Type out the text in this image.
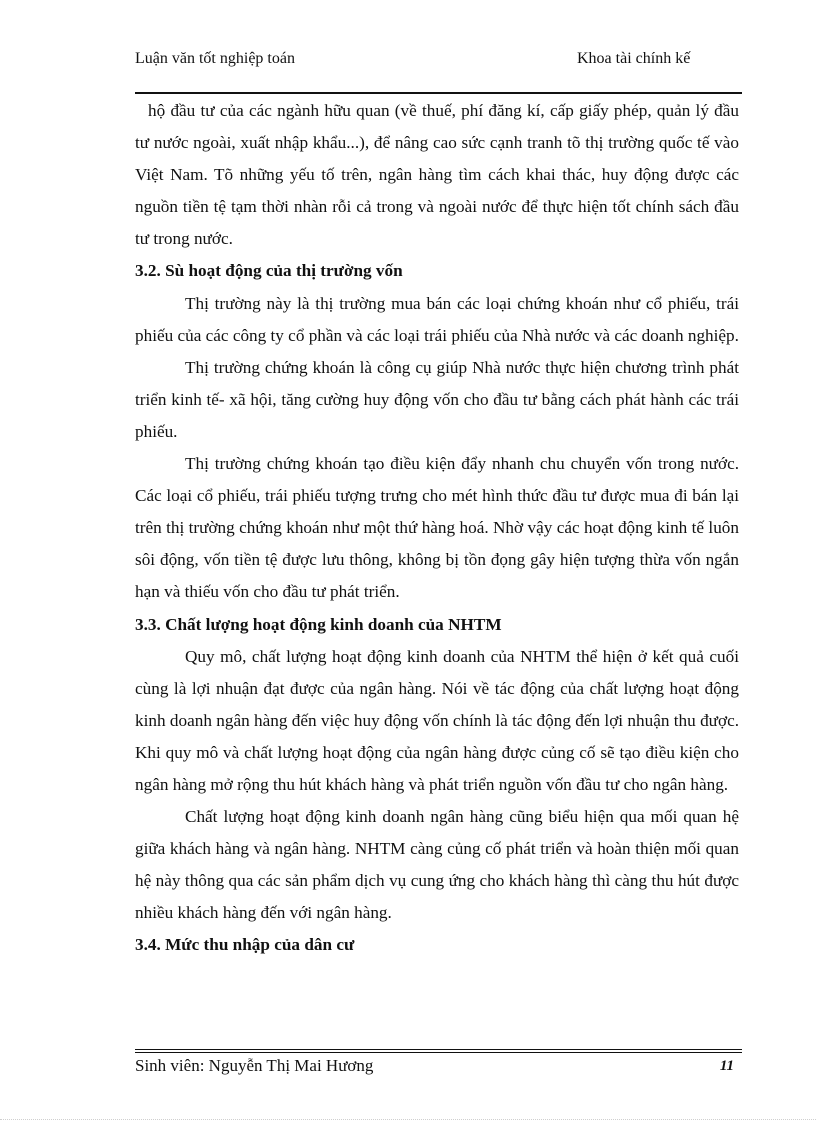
Luận văn tốt nghiệp toán	Khoa tài chính kế

hộ đầu tư của các ngành hữu quan (về thuế, phí đăng kí, cấp giấy phép, quản lý đầu tư nước ngoài, xuất nhập khẩu...), để nâng cao sức cạnh tranh tõ thị trường quốc tế vào Việt Nam. Tõ những yếu tố trên, ngân hàng tìm cách khai thác, huy động được các nguồn tiền tệ tạm thời nhàn rỗi cả trong và ngoài nước để thực hiện tốt chính sách đầu tư trong nước.

3.2. Sù hoạt động của thị trường vốn

Thị trường này là thị trường mua bán các loại chứng khoán như cổ phiếu, trái phiếu của các công ty cổ phần và các loại trái phiếu của Nhà nước và các doanh nghiệp.

Thị trường chứng khoán là công cụ giúp Nhà nước thực hiện chương trình phát triển kinh tế- xã hội, tăng cường huy động vốn cho đầu tư bằng cách phát hành các trái phiếu.

Thị trường chứng khoán tạo điều kiện đẩy nhanh chu chuyển vốn trong nước. Các loại cổ phiếu, trái phiếu tượng trưng cho mét hình thức đầu tư được mua đi bán lại trên thị trường chứng khoán như một thứ hàng hoá. Nhờ vậy các hoạt động kinh tế luôn sôi động, vốn tiền tệ được lưu thông, không bị tồn đọng gây hiện tượng thừa vốn ngắn hạn và thiếu vốn cho đầu tư phát triển.

3.3. Chất lượng hoạt động kinh doanh của NHTM

Quy mô, chất lượng hoạt động kinh doanh của NHTM thể hiện ở kết quả cuối cùng là lợi nhuận đạt được của ngân hàng. Nói về tác động của chất lượng hoạt động kinh doanh ngân hàng đến việc huy động vốn chính là tác động đến lợi nhuận thu được. Khi quy mô và chất lượng hoạt động của ngân hàng được củng cố sẽ tạo điều kiện cho ngân hàng mở rộng thu hút khách hàng và phát triển nguồn vốn đầu tư cho ngân hàng.

Chất lượng hoạt động kinh doanh ngân hàng cũng biểu hiện qua mối quan hệ giữa khách hàng và ngân hàng. NHTM càng củng cố phát triển và hoàn thiện mối quan hệ này thông qua các sản phẩm dịch vụ cung ứng cho khách hàng thì càng thu hút được nhiều khách hàng đến với ngân hàng.

3.4. Mức thu nhập của dân cư
Sinh viên: Nguyễn Thị Mai Hương	11
